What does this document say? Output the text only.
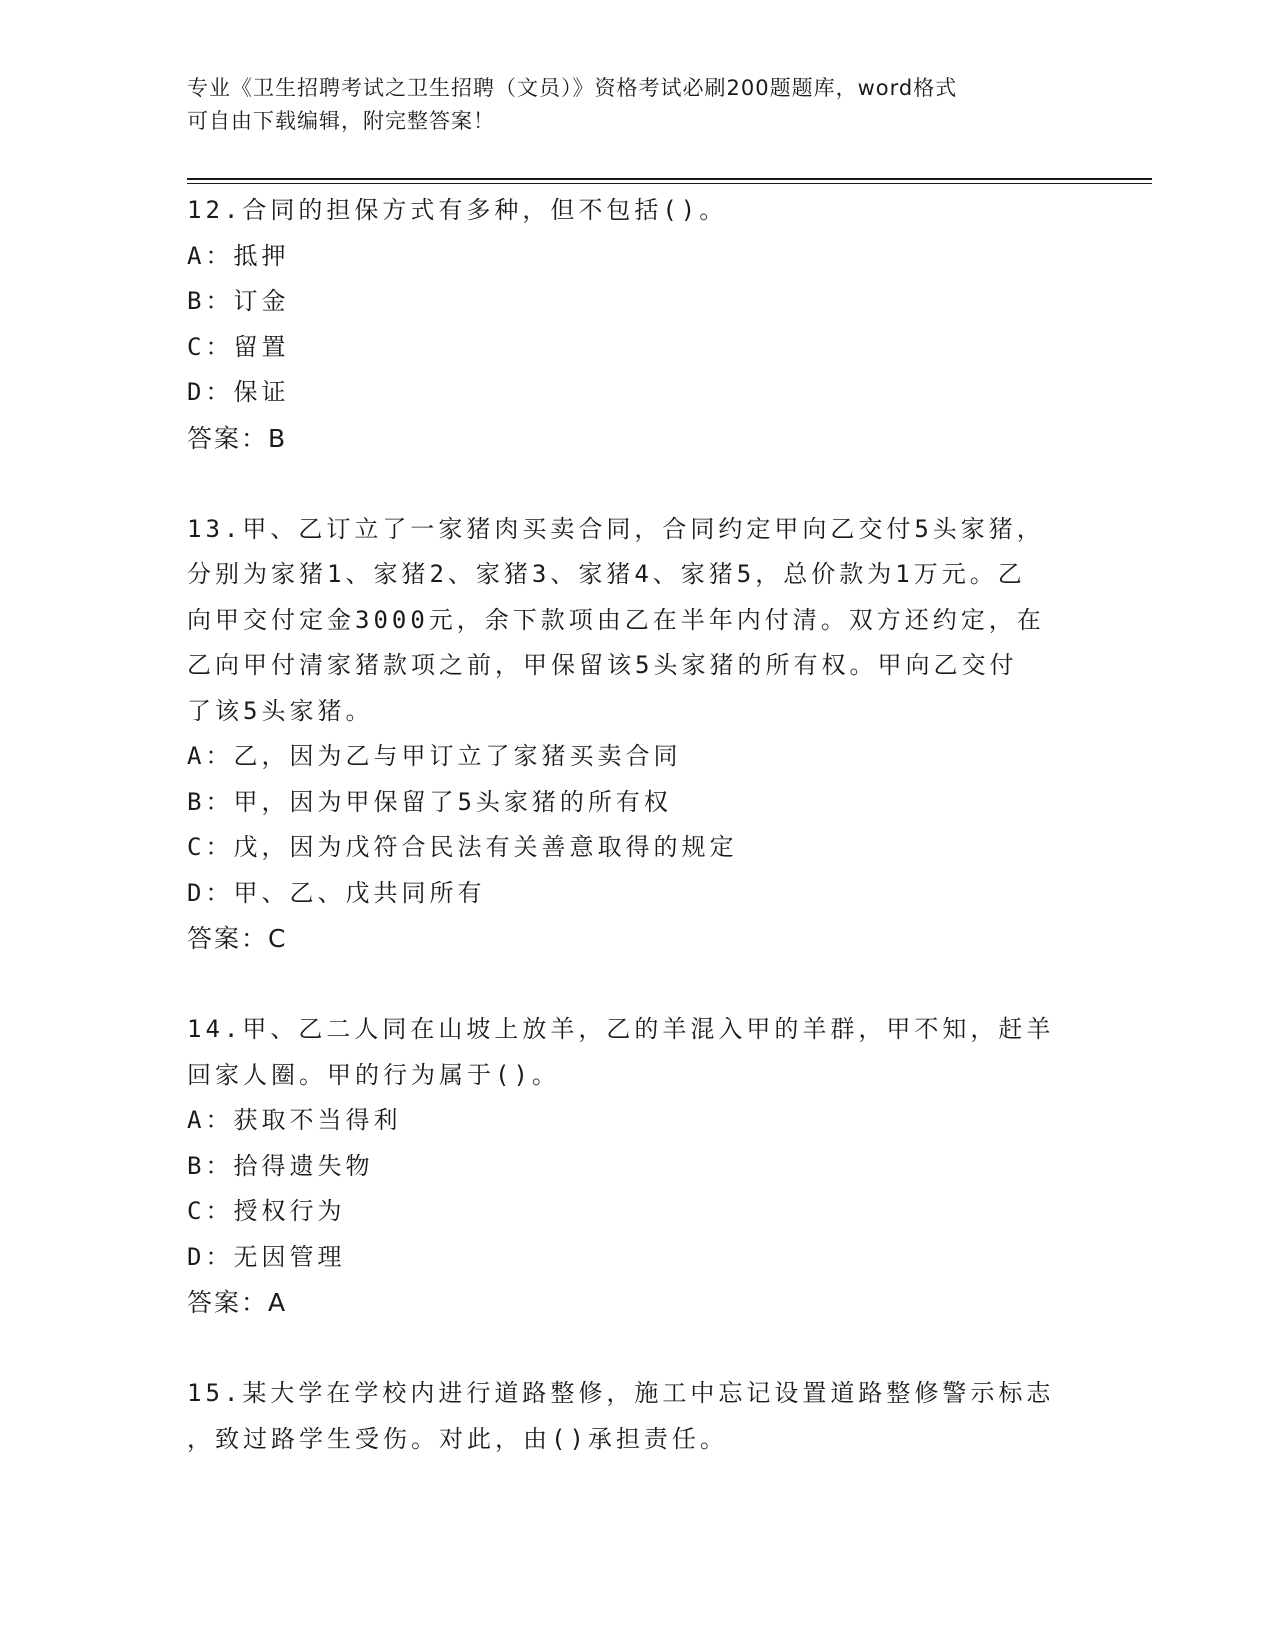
专业《卫生招聘考试之卫生招聘（文员）》资格考试必刷200题题库，word格式
可自由下载编辑，附完整答案！
12.合同的担保方式有多种，但不包括()。
A：抵押
B：订金
C：留置
D：保证
答案：B
13.甲、乙订立了一家猪肉买卖合同，合同约定甲向乙交付5头家猪，
分别为家猪1、家猪2、家猪3、家猪4、家猪5，总价款为1万元。乙
向甲交付定金3000元，余下款项由乙在半年内付清。双方还约定，在
乙向甲付清家猪款项之前，甲保留该5头家猪的所有权。甲向乙交付
了该5头家猪。
A：乙，因为乙与甲订立了家猪买卖合同
B：甲，因为甲保留了5头家猪的所有权
C：戊，因为戊符合民法有关善意取得的规定
D：甲、乙、戊共同所有
答案：C
14.甲、乙二人同在山坡上放羊，乙的羊混入甲的羊群，甲不知，赶羊
回家人圈。甲的行为属于()。
A：获取不当得利
B：拾得遗失物
C：授权行为
D：无因管理
答案：A
15.某大学在学校内进行道路整修，施工中忘记设置道路整修警示标志
，致过路学生受伤。对此，由()承担责任。
